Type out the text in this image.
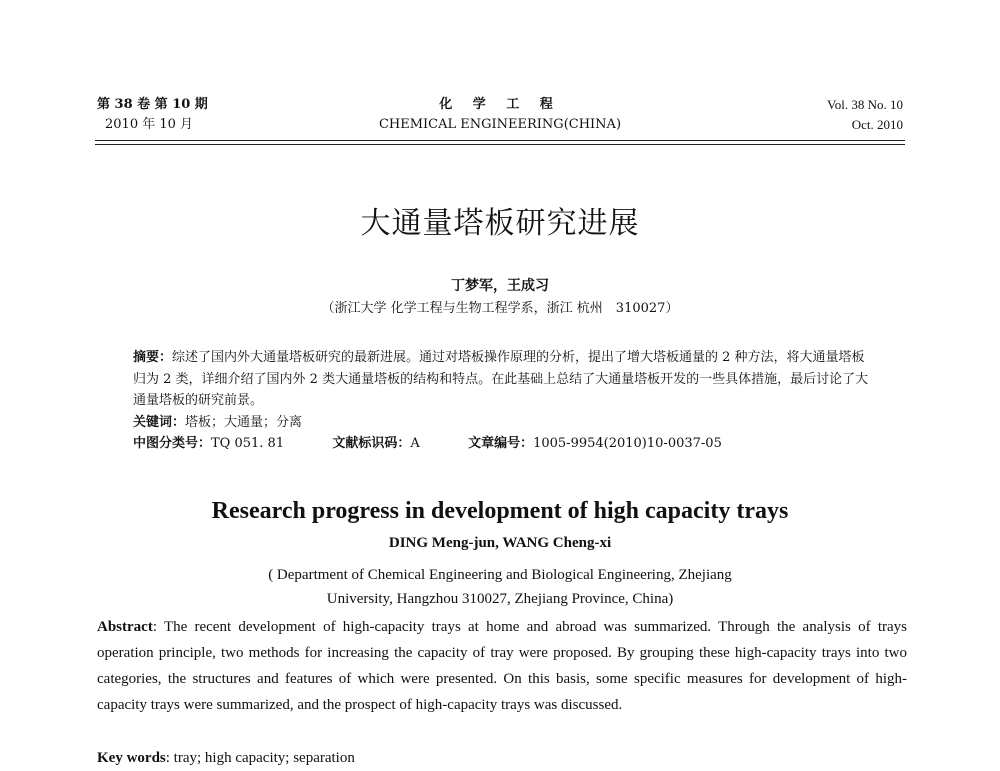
第 38 卷 第 10 期
2010 年 10 月
化 学 工 程
CHEMICAL ENGINEERING(CHINA)
Vol. 38 No. 10
Oct. 2010
大通量塔板研究进展
丁梦军，王成习
（浙江大学 化学工程与生物工程学系，浙江 杭州　310027）
摘要：综述了国内外大通量塔板研究的最新进展。通过对塔板操作原理的分析，提出了增大塔板通量的 2 种方法，将大通量塔板归为 2 类，详细介绍了国内外 2 类大通量塔板的结构和特点。在此基础上总结了大通量塔板开发的一些具体措施，最后讨论了大通量塔板的研究前景。
关键词：塔板；大通量；分离
中图分类号：TQ 051. 81	文献标识码：A	文章编号：1005-9954(2010)10-0037-05
Research progress in development of high capacity trays
DING Meng-jun, WANG Cheng-xi
( Department of Chemical Engineering and Biological Engineering, Zhejiang
University, Hangzhou 310027, Zhejiang Province, China)
Abstract: The recent development of high-capacity trays at home and abroad was summarized. Through the analysis of trays operation principle, two methods for increasing the capacity of tray were proposed. By grouping these high-capacity trays into two categories, the structures and features of which were presented. On this basis, some specific measures for development of high-capacity trays were summarized, and the prospect of high-capacity trays was discussed.
Key words: tray; high capacity; separation
